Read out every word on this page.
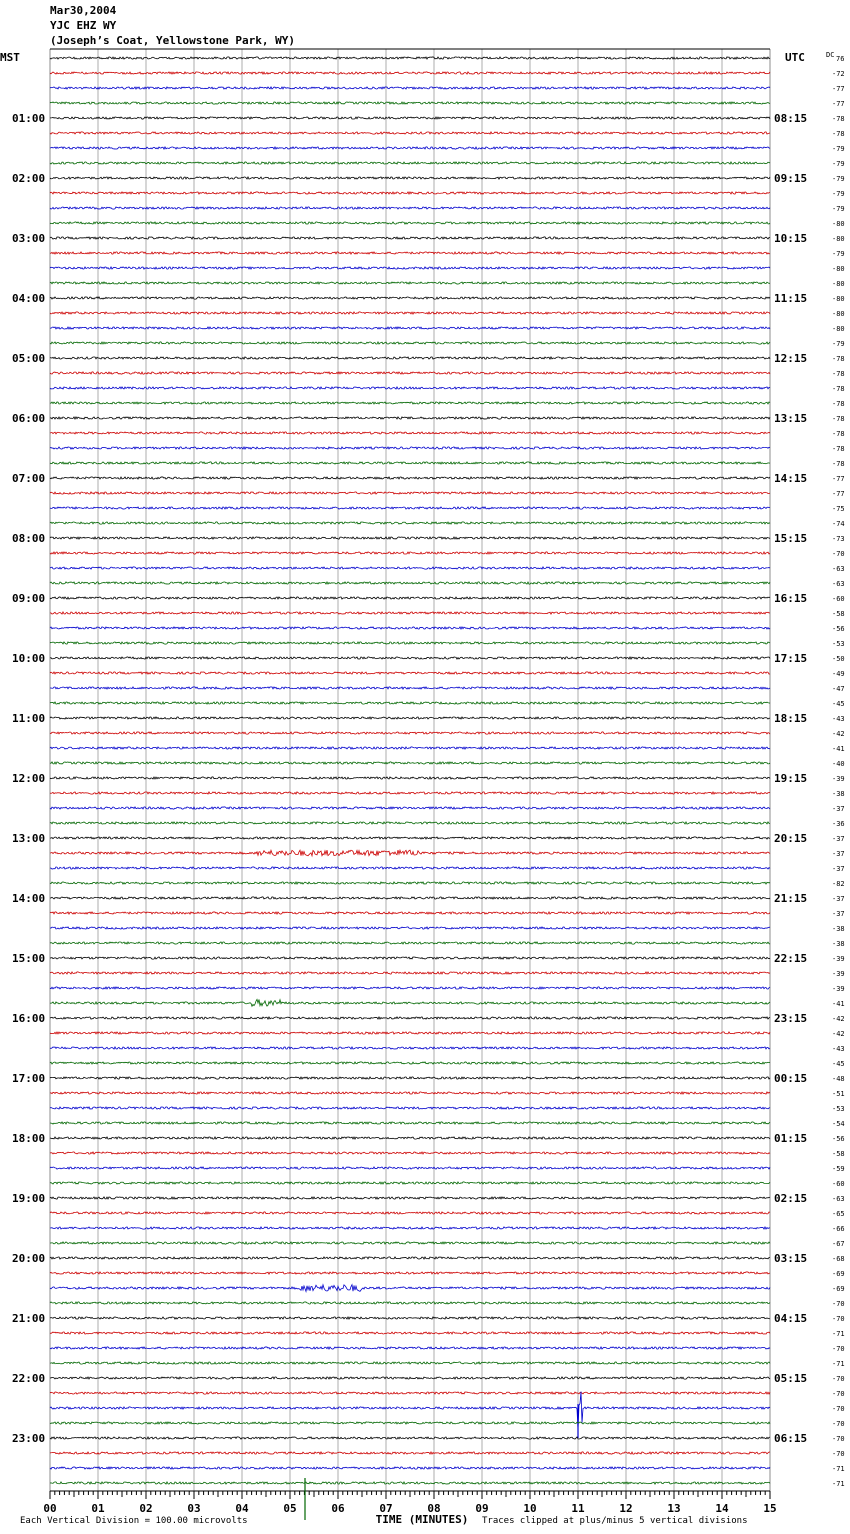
Mar30,2004
YJC EHZ WY
(Joseph’s Coat, Yellowstone Park, WY)
01:00	08:15
02:00	09:15
03:00	10:15
04:00	11:15
05:00	12:15
06:00	13:15
07:00	14:15
08:00	15:15
09:00	16:15
10:00	17:15
11:00	18:15
12:00	19:15
13:00	20:15
14:00	21:15
15:00	22:15
16:00	23:15
17:00	00:15
18:00	01:15
19:00	02:15
20:00	03:15
21:00	04:15
22:00	05:15
23:00	06:15
76
-72
-77
-77
-78
-78
-79
-79
-79
-79
-79
-80
-80
-79
-80
-80
-80
-80
-80
-79
-78
-78
-78
-78
-78
-78
-78
-78
-77
-77
-75
-74
-73
-70
-63
-63
-60
-58
-56
-53
-50
-49
-47
-45
-43
-42
-41
-40
-39
-38
-37
-36
-37
-37
-37
-82
-37
-37
-38
-38
-39
-39
-39
-41
-42
-42
-43
-45
-48
-51
-53
-54
-56
-58
-59
-60
-63
-65
-66
-67
-68
-69
-69
-70
-70
-71
-70
-71
-70
-70
-70
-70
-70
-70
-71
-71
00	01	02	03	04	05	06	07	08	09	10	11	12	13	14	15
MST	UTC	DC
TIME (MINUTES)
Each Vertical Division = 100.00 microvolts	Traces clipped at plus/minus 5 vertical divisions
